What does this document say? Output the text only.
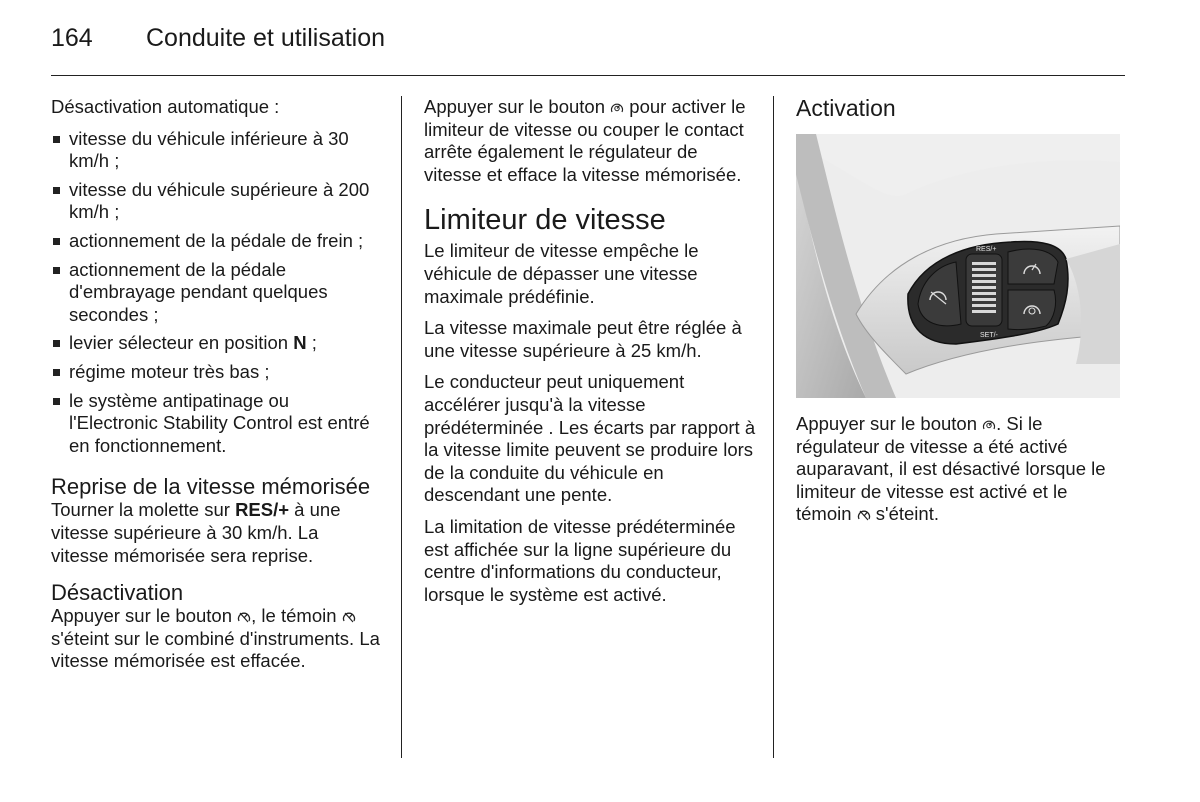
164	Conduite et utilisation

Désactivation automatique :

vitesse du véhicule inférieure à 30 km/h ;
vitesse du véhicule supérieure à 200 km/h ;
actionnement de la pédale de frein ;
actionnement de la pédale d'embrayage pendant quelques secondes ;
levier sélecteur en position N ;
régime moteur très bas ;
le système antipatinage ou l'Electronic Stability Control est entré en fonctionnement.
Reprise de la vitesse mémorisée

Tourner la molette sur RES/+ à une vitesse supérieure à 30 km/h. La vitesse mémorisée sera reprise.

Désactivation

Appuyer sur le bouton
, le témoin
s'éteint sur le combiné d'instruments. La vitesse mémorisée est effacée.

Appuyer sur le bouton
pour activer le limiteur de vitesse ou couper le contact arrête également le régulateur de vitesse et efface la vitesse mémorisée.

Limiteur de vitesse

Le limiteur de vitesse empêche le véhicule de dépasser une vitesse maximale prédéfinie.

La vitesse maximale peut être réglée à une vitesse supérieure à 25 km/h.

Le conducteur peut uniquement accélérer jusqu'à la vitesse prédéterminée . Les écarts par rapport à la vitesse limite peuvent se produire lors de la conduite du véhicule en descendant une pente.

La limitation de vitesse prédéterminée est affichée sur la ligne supérieure du centre d'informations du conducteur, lorsque le système est activé.

Activation
RES/+
SET/-

Appuyer sur le bouton
. Si le régulateur de vitesse a été activé auparavant, il est désactivé lorsque le limiteur de vitesse est activé et le témoin
s'éteint.
